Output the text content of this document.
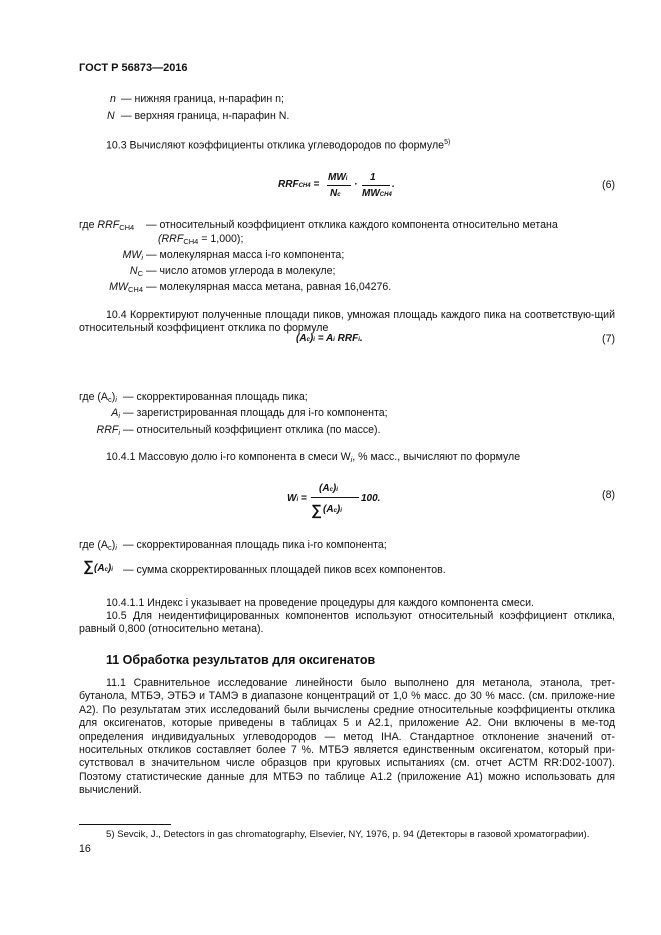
ГОСТ Р 56873—2016
n — нижняя граница, н-парафин n;
N — верхняя граница, н-парафин N.
10.3 Вычисляют коэффициенты отклика углеводородов по формуле$^{5)}$
RRFCH4 =
MWi
Nc
·
1
MWCH4
.	(6)
где $RRF_{CH4}$ — относительный коэффициент отклика каждого компонента относительно метана
$(RRF_{CH4} = 1,000)$;
$MW_i$ — молекулярная масса i-го компонента;
$N_C$ — число атомов углерода в молекуле;
$MW_{CH4}$ — молекулярная масса метана, равная 16,04276.
10.4 Корректируют полученные площади пиков, умножая площадь каждого пика на соответствую-щий относительный коэффициент отклика по формуле
(Ac)i = Ai RRFi.	(7)
где $(A_c)_i$ — скорректированная площадь пика;
$A_i$ — зарегистрированная площадь для i-го компонента;
$RRF_i$ — относительный коэффициент отклика (по массе).
10.4.1 Массовую долю i-го компонента в смеси $W_i$, % масс., вычисляют по формуле
Wi =
(Ac)i
∑ (Ac)i
100.	(8)
где $(A_c)_i$ — скорректированная площадь пика i-го компонента;
∑ (Ac)i — сумма скорректированных площадей пиков всех компонентов.
10.4.1.1 Индекс i указывает на проведение процедуры для каждого компонента смеси.
10.5 Для неидентифицированных компонентов используют относительный коэффициент отклика, равный 0,800 (относительно метана).
11 Обработка результатов для оксигенатов
11.1 Сравнительное исследование линейности было выполнено для метанола, этанола, трет-бутанола, МТБЭ, ЭТБЭ и ТАМЭ в диапазоне концентраций от 1,0 % масс. до 30 % масс. (см. приложе-ние А2). По результатам этих исследований были вычислены средние относительные коэффициенты отклика для оксигенатов, которые приведены в таблицах 5 и А2.1, приложение А2. Они включены в ме-тод определения индивидуальных углеводородов — метод IHA. Стандартное отклонение значений от-носительных откликов составляет более 7 %. МТБЭ является единственным оксигенатом, который при-сутствовал в значительном числе образцов при круговых испытаниях (см. отчет АСТМ RR:D02-1007). Поэтому статистические данные для МТБЭ по таблице А1.2 (приложение А1) можно использовать для вычислений.
5) Sevcik, J., Detectors in gas chromatography, Elsevier, NY, 1976, p. 94 (Детекторы в газовой хроматографии).
16
